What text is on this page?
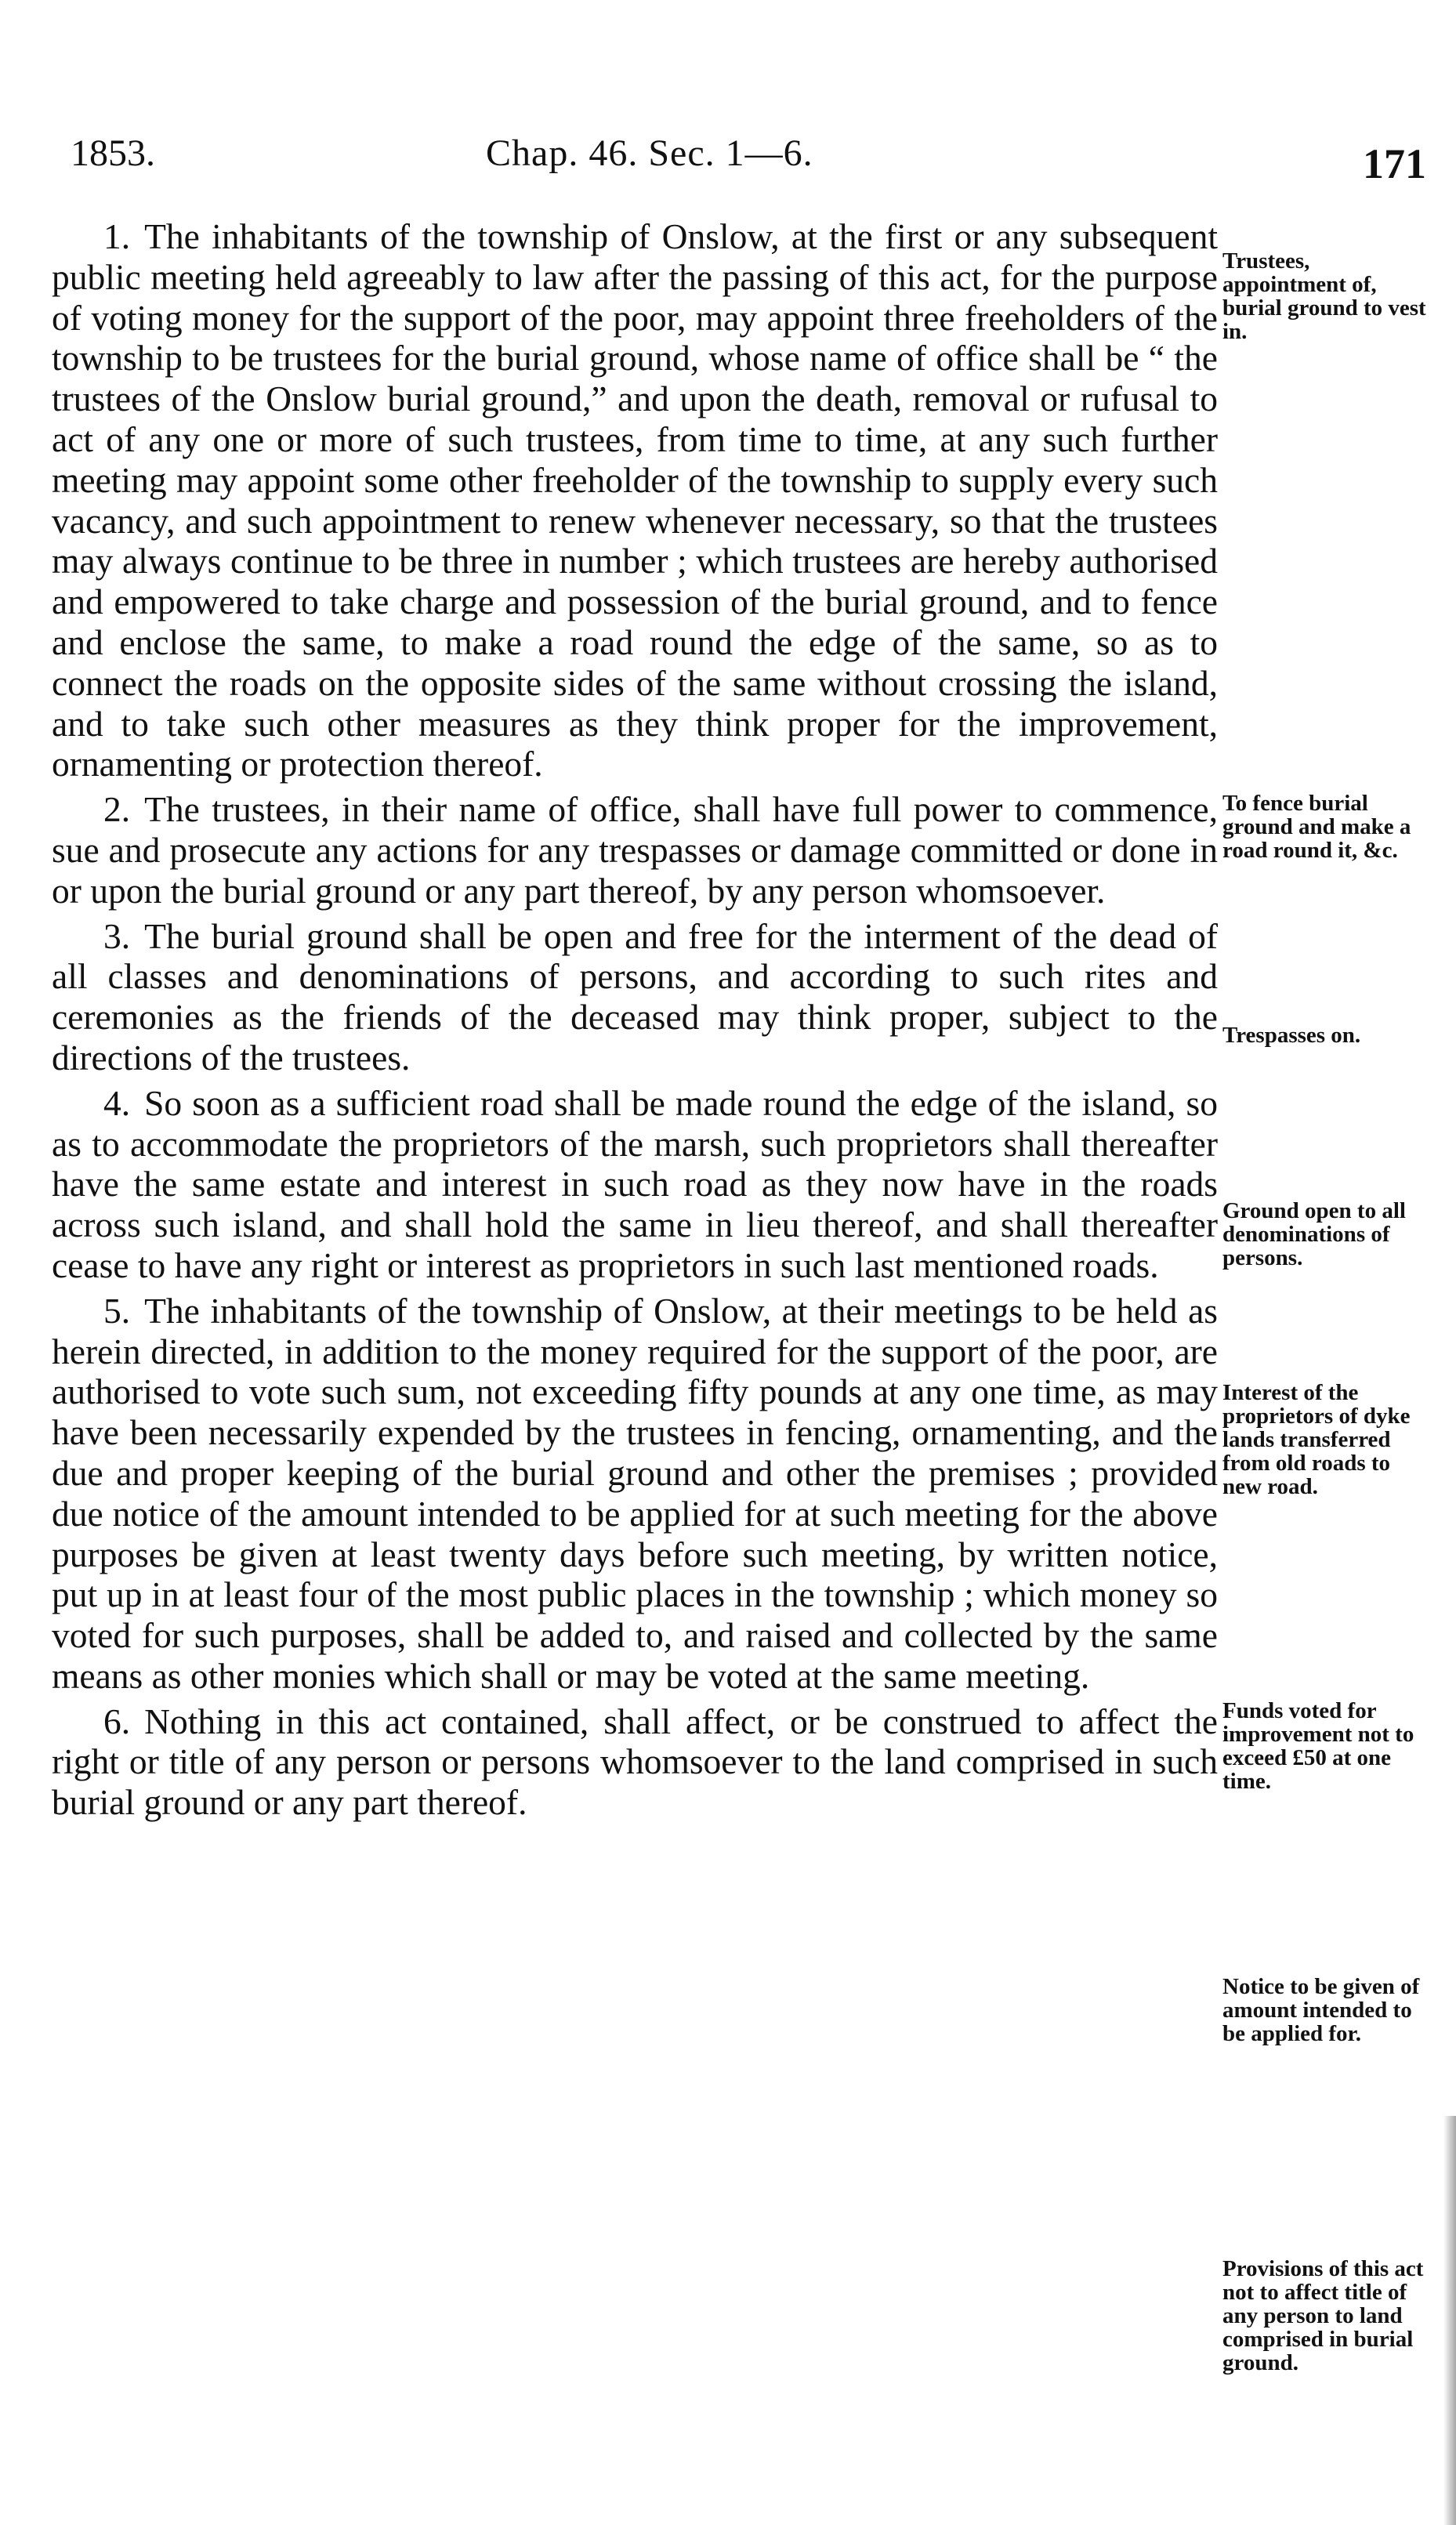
1853.	Chap. 46. Sec. 1—6.	171

1. The inhabitants of the township of Onslow, at the first or any subsequent public meeting held agreeably to law after the passing of this act, for the purpose of voting money for the support of the poor, may appoint three freeholders of the township to be trustees for the burial ground, whose name of office shall be “ the trustees of the Onslow burial ground,” and upon the death, removal or rufusal to act of any one or more of such trustees, from time to time, at any such further meeting may appoint some other freeholder of the township to supply every such vacancy, and such appointment to renew whenever necessary, so that the trustees may always continue to be three in number ; which trustees are hereby authorised and empowered to take charge and possession of the burial ground, and to fence and enclose the same, to make a road round the edge of the same, so as to connect the roads on the opposite sides of the same without crossing the island, and to take such other measures as they think proper for the improvement, ornamenting or protection thereof.

2. The trustees, in their name of office, shall have full power to commence, sue and prosecute any actions for any trespasses or damage committed or done in or upon the burial ground or any part thereof, by any person whomsoever.

3. The burial ground shall be open and free for the interment of the dead of all classes and denominations of persons, and according to such rites and ceremonies as the friends of the deceased may think proper, subject to the directions of the trustees.

4. So soon as a sufficient road shall be made round the edge of the island, so as to accommodate the proprietors of the marsh, such proprietors shall thereafter have the same estate and interest in such road as they now have in the roads across such island, and shall hold the same in lieu thereof, and shall thereafter cease to have any right or interest as proprietors in such last mentioned roads.

5. The inhabitants of the township of Onslow, at their meetings to be held as herein directed, in addition to the money required for the support of the poor, are authorised to vote such sum, not exceeding fifty pounds at any one time, as may have been necessarily expended by the trustees in fencing, ornamenting, and the due and proper keeping of the burial ground and other the premises ; provided due notice of the amount intended to be applied for at such meeting for the above purposes be given at least twenty days before such meeting, by written notice, put up in at least four of the most public places in the township ; which money so voted for such purposes, shall be added to, and raised and collected by the same means as other monies which shall or may be voted at the same meeting.

6. Nothing in this act contained, shall affect, or be construed to affect the right or title of any person or persons whomsoever to the land comprised in such burial ground or any part thereof.

Trustees, appointment of, burial ground to vest in.
To fence burial ground and make a road round it, &c.
Trespasses on.
Ground open to all denominations of persons.
Interest of the proprietors of dyke lands transferred from old roads to new road.
Funds voted for improvement not to exceed £50 at one time.
Notice to be given of amount intended to be applied for.
Provisions of this act not to affect title of any person to land comprised in burial ground.
